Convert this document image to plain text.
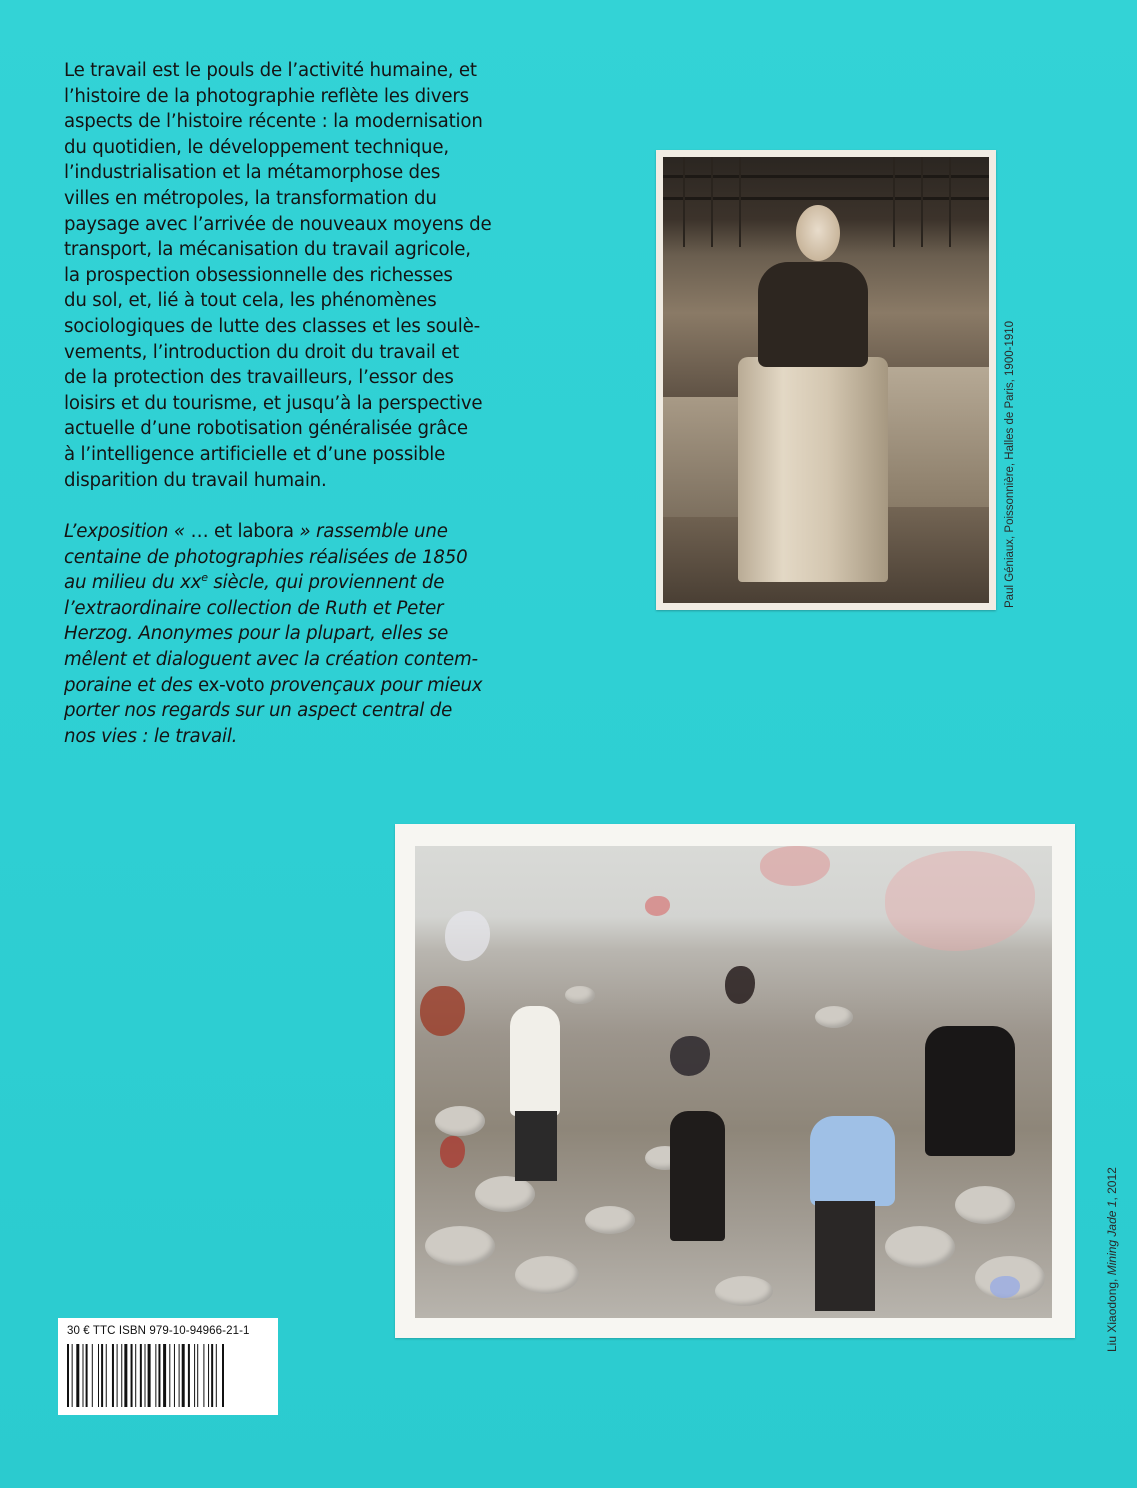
Le travail est le pouls de l’activité humaine, et
l’histoire de la photographie reflète les divers
aspects de l’histoire récente : la modernisation
du quotidien, le développement technique,
l’industrialisation et la métamorphose des
villes en métropoles, la transformation du
paysage avec l’arrivée de nouveaux moyens de
transport, la mécanisation du travail agricole,
la prospection obsessionnelle des richesses
du sol, et, lié à tout cela, les phénomènes
sociologiques de lutte des classes et les soulè-
vements, l’introduction du droit du travail et
de la protection des travailleurs, l’essor des
loisirs et du tourisme, et jusqu’à la perspective
actuelle d’une robotisation généralisée grâce
à l’intelligence artificielle et d’une possible
disparition du travail humain.
L’exposition « … et labora » rassemble une
centaine de photographies réalisées de 1850
au milieu du $xx^e$ siècle, qui proviennent de
l’extraordinaire collection de Ruth et Peter
Herzog. Anonymes pour la plupart, elles se
mêlent et dialoguent avec la création contem-
poraine et des ex-voto provençaux pour mieux
porter nos regards sur un aspect central de
nos vies : le travail.
Paul Géniaux, Poissonnière, Halles de Paris, 1900-1910
Liu Xiaodong, Mining Jade 1, 2012
30 € TTC ISBN 979-10-94966-21-1
